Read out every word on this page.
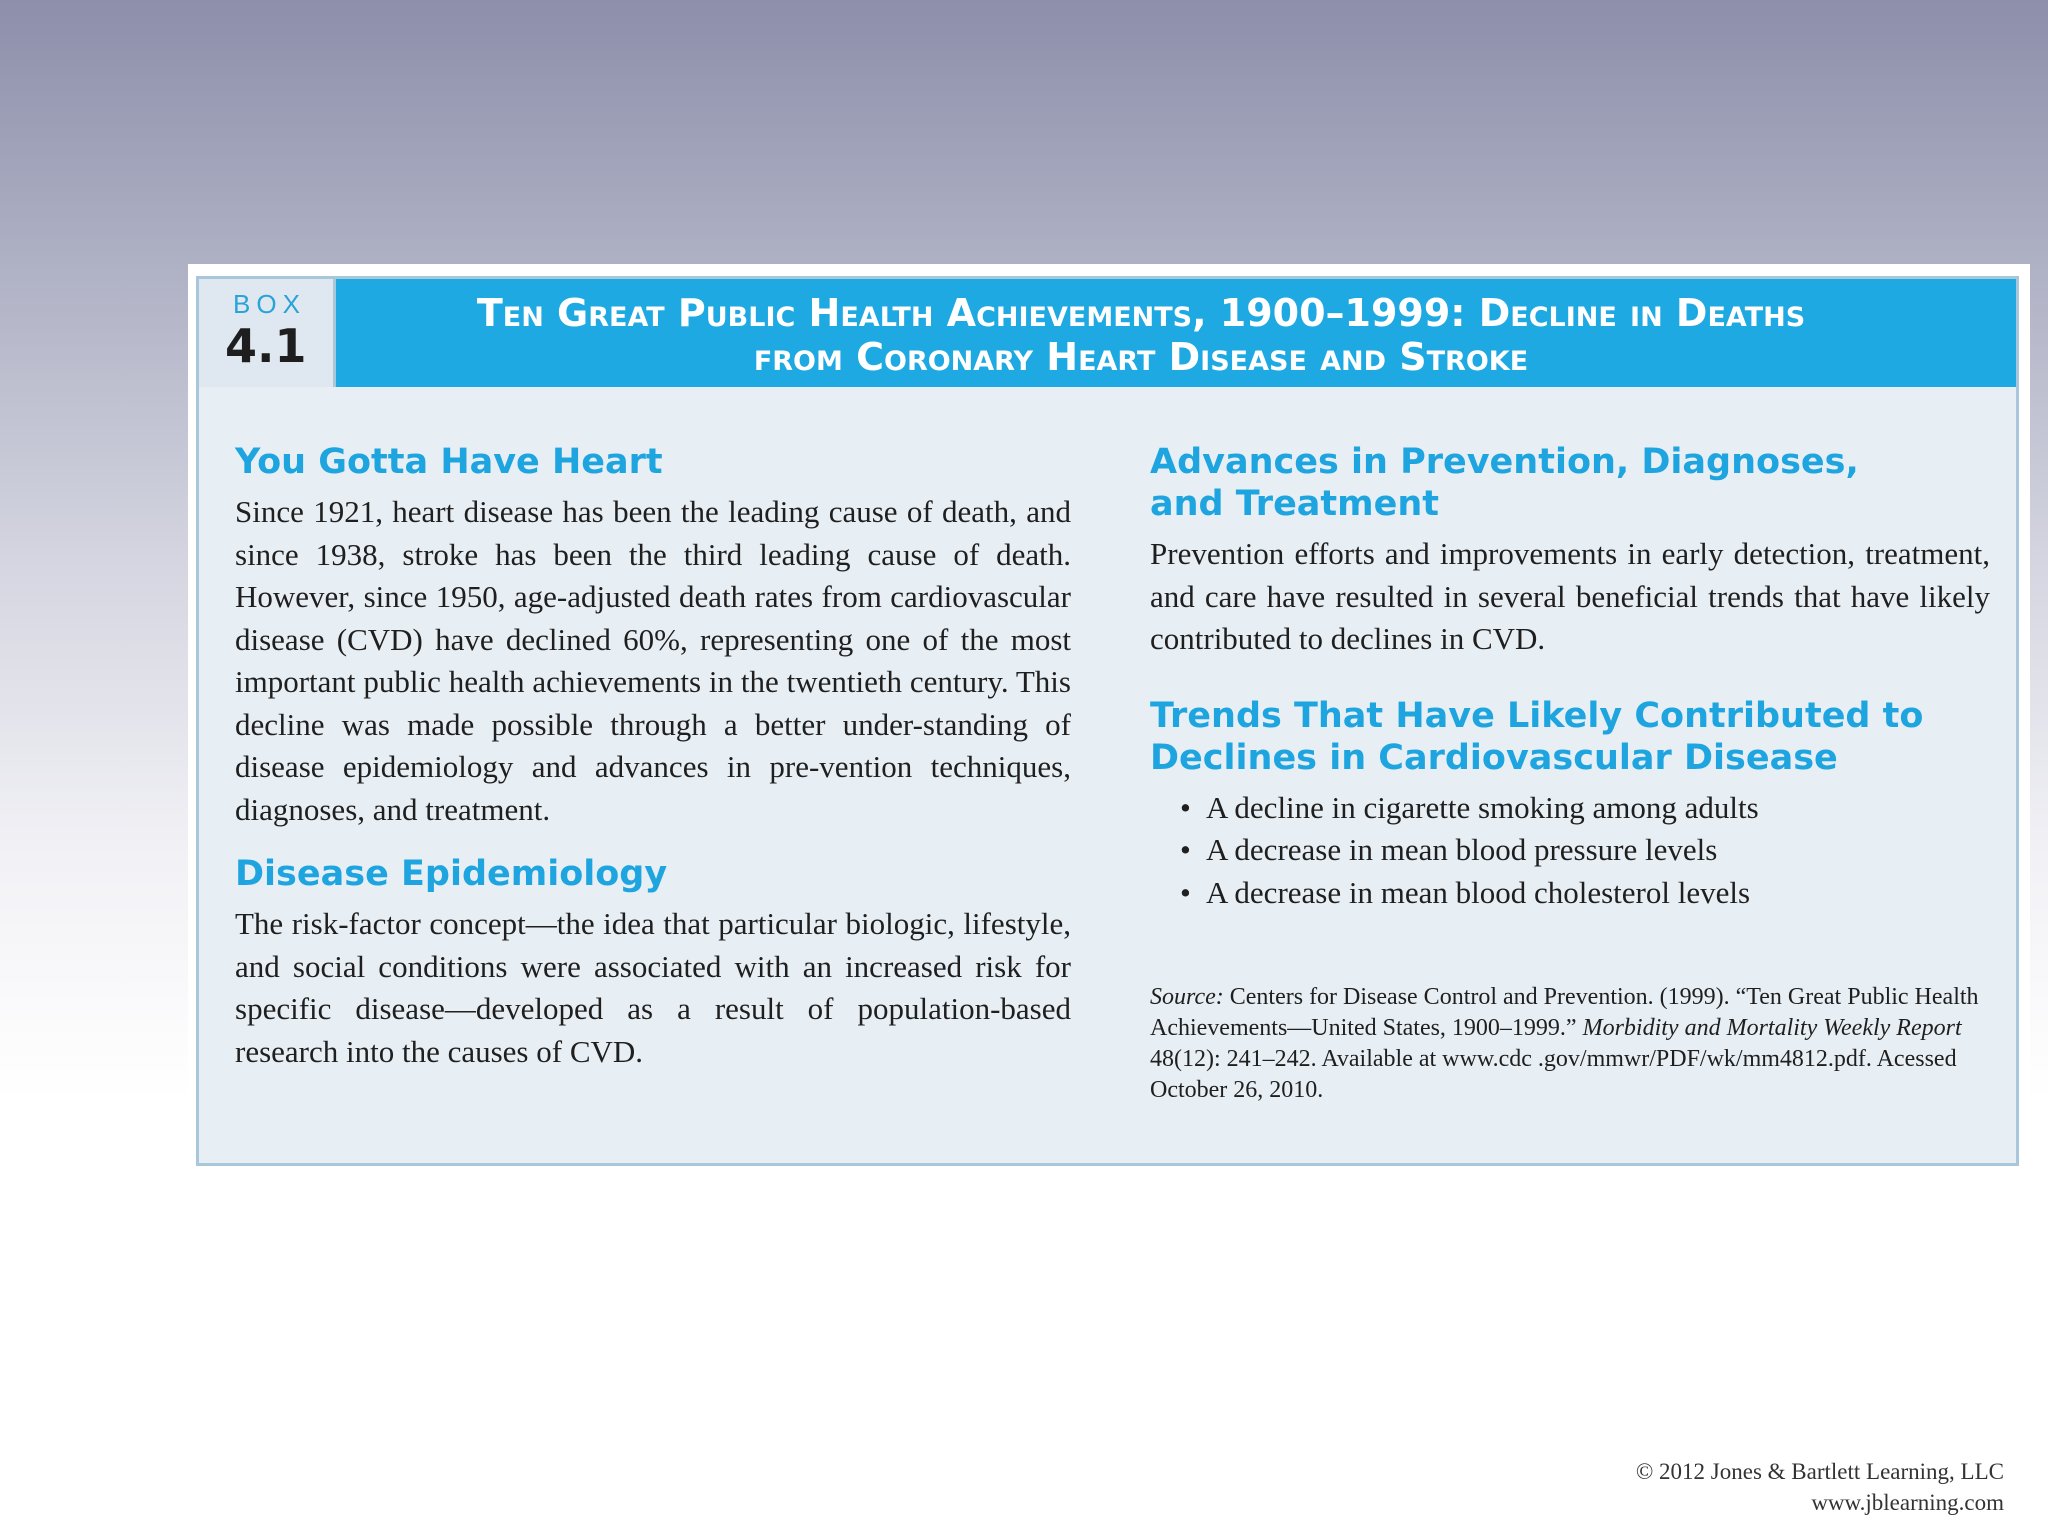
BOX
4.1
Ten Great Public Health Achievements, 1900–1999: Decline in Deaths
from Coronary Heart Disease and Stroke
You Gotta Have Heart

Since 1921, heart disease has been the leading cause of death, and since 1938, stroke has been the third leading cause of death. However, since 1950, age-adjusted death rates from cardiovascular disease (CVD) have declined 60%, representing one of the most important public health achievements in the twentieth century. This decline was made possible through a better under-standing of disease epidemiology and advances in pre-vention techniques, diagnoses, and treatment.

Disease Epidemiology

The risk-factor concept—the idea that particular biologic, lifestyle, and social conditions were associated with an increased risk for specific disease—developed as a result of population-based research into the causes of CVD.

Advances in Prevention, Diagnoses,
and Treatment

Prevention efforts and improvements in early detection, treatment, and care have resulted in several beneficial trends that have likely contributed to declines in CVD.

Trends That Have Likely Contributed to
Declines in Cardiovascular Disease
• A decline in cigarette smoking among adults
• A decrease in mean blood pressure levels
• A decrease in mean blood cholesterol levels

Source: Centers for Disease Control and Prevention. (1999). “Ten Great Public Health Achievements—United States, 1900–1999.” Morbidity and Mortality Weekly Report 48(12): 241–242. Available at www.cdc .gov/mmwr/PDF/wk/mm4812.pdf. Acessed October 26, 2010.

© 2012 Jones & Bartlett Learning, LLC
www.jblearning.com
